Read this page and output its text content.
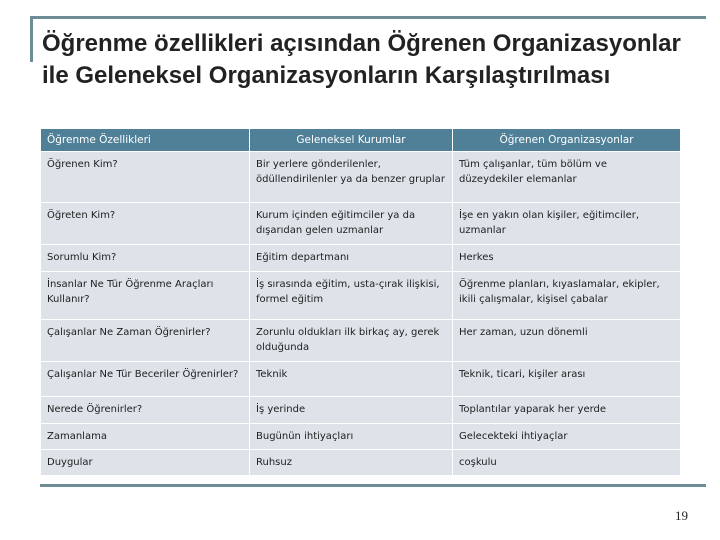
Öğrenme özellikleri açısından Öğrenen Organizasyonlar ile Geleneksel Organizasyonların Karşılaştırılması
Öğrenme Özellikleri	Geleneksel Kurumlar	Öğrenen Organizasyonlar
Öğrenen Kim?	Bir yerlere gönderilenler, ödüllendirilenler ya da benzer gruplar	Tüm çalışanlar, tüm bölüm ve düzeydekiler elemanlar
Öğreten Kim?	Kurum içinden eğitimciler ya da dışarıdan gelen uzmanlar	İşe en yakın olan kişiler, eğitimciler, uzmanlar
Sorumlu Kim?	Eğitim departmanı	Herkes
İnsanlar Ne Tür Öğrenme Araçları Kullanır?	İş sırasında eğitim, usta-çırak ilişkisi, formel eğitim	Öğrenme planları, kıyaslamalar, ekipler, ikili çalışmalar, kişisel çabalar
Çalışanlar Ne Zaman Öğrenirler?	Zorunlu oldukları ilk birkaç ay, gerek olduğunda	Her zaman, uzun dönemli
Çalışanlar Ne Tür Beceriler Öğrenirler?	Teknik	Teknik, ticari, kişiler arası
Nerede Öğrenirler?	İş yerinde	Toplantılar yaparak her yerde
Zamanlama	Bugünün ihtiyaçları	Gelecekteki ihtiyaçlar
Duygular	Ruhsuz	coşkulu
19
